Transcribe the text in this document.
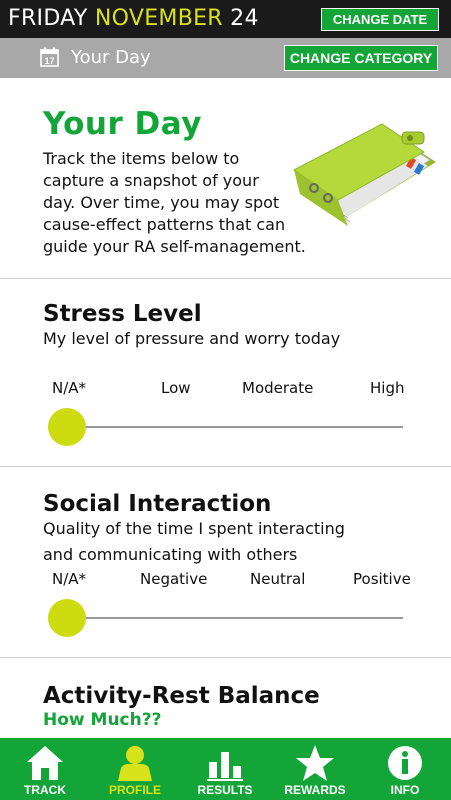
FRIDAY NOVEMBER 24	CHANGE DATE
17 Your Day	CHANGE CATEGORY
Your Day
Track the items below to
capture a snapshot of your
day. Over time, you may spot
cause-effect patterns that can
guide your RA self-management.
Stress Level
My level of pressure and worry today
N/A*	Low	Moderate	High
Social Interaction
Quality of the time I spent interacting
and communicating with others
N/A*	Negative	Neutral	Positive
Activity-Rest Balance
How Much??
TRACK	PROFILE	RESULTS	REWARDS	INFO
